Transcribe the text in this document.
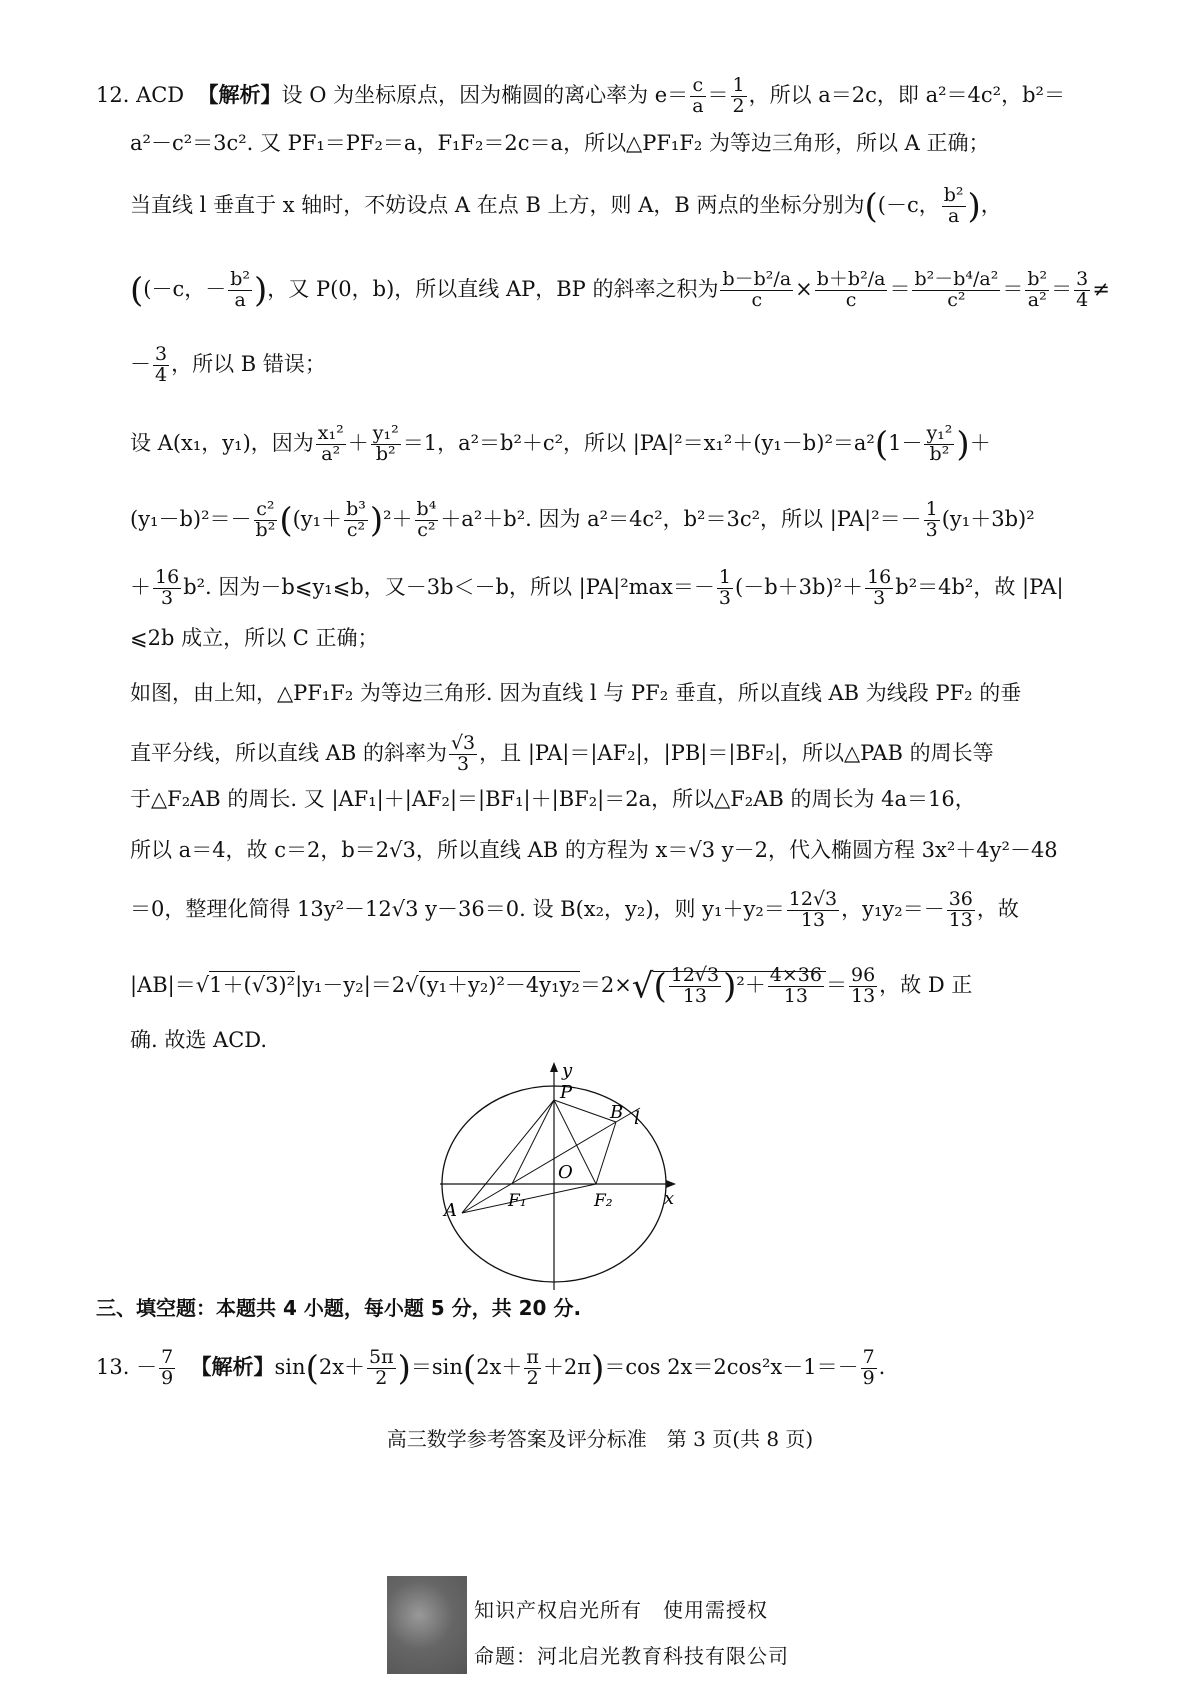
12. ACD 【解析】设 O 为坐标原点，因为椭圆的离心率为 $e= \frac{c}{a} = \frac{1}{2}$ ，所以 a＝2c，即 a²＝4c²，b²＝
a²－c²＝3c². 又 PF₁＝PF₂＝a，F₁F₂＝2c＝a，所以△PF₁F₂ 为等边三角形，所以 A 正确；
当直线 l 垂直于 x 轴时，不妨设点 A 在点 B 上方，则 A，B 两点的坐标分别为((－c， $\frac{\text{b²}}{a}$ )，
((－c，－ $\frac{\text{b²}}{a}$ )，又 P(0，b)，所以直线 AP，BP 的斜率之积为 $\frac{\text{b－b²/a}}{c} \times \frac{\text{b＋b²/a}}{c} = \frac{\text{b²－b⁴/a²}}{\text{c²}} = \frac{\text{b²}}{\text{a²}} = \frac{3}{4}$ ≠
－ $\frac{3}{4}$ ，所以 B 错误；
设 A(x₁，y₁)，因为 $\frac{\text{x₁²}}{\text{a²}} + \frac{\text{y₁²}}{\text{b²}} =1$，a²＝b²＋c²，所以 $|PA|^2=x_1^2+(y_1-b)^2=a^2(1- \frac{\text{y₁²}}{\text{b²}}$ )＋
$(y_1-b)^2=- \frac{\text{c²}}{\text{b²}} ((y_1+ \frac{\text{b³}}{\text{c²}} )^2+ \frac{\text{b⁴}}{\text{c²}} +a^2+b^2$. 因为 a²＝4c²，b²＝3c²，所以 $|PA|^2=- \frac{1}{3} (y_1+3b)^2$
＋ $\frac{16}{3} b^2$. 因为－b⩽y₁⩽b，又－3b＜－b，所以 $|PA|^2\max=- \frac{1}{3} (-b+3b)^2+ \frac{16}{3} b^2=4b^2$，故 |PA|
⩽2b 成立，所以 C 正确；
如图，由上知，△PF₁F₂ 为等边三角形. 因为直线 l 与 PF₂ 垂直，所以直线 AB 为线段 PF₂ 的垂
直平分线，所以直线 AB 的斜率为 $\frac{√3}{3}$ ，且 |PA|＝|AF₂|，|PB|＝|BF₂|，所以△PAB 的周长等
于△F₂AB 的周长. 又 |AF₁|＋|AF₂|＝|BF₁|＋|BF₂|＝2a，所以△F₂AB 的周长为 4a＝16，
所以 a＝4，故 c＝2，b＝2√3，所以直线 AB 的方程为 x＝√3 y－2，代入椭圆方程 3x²＋4y²－48
＝0，整理化简得 13y²－12√3 y－36＝0. 设 B(x₂，y₂)，则 $y_1+y_2= \frac{12√3}{13}$ ，$y_1y_2=- \frac{36}{13}$ ，故
$|AB|=√1+(√3)^2|y_1-y_2|=2√(y_1+y_2)^2-4y_1y_2=2\times√( \frac{12√3}{13} )^2+ \frac{4\times 36}{13} = \frac{96}{13}$ ，故 D 正
确. 故选 ACD.
y
P
B l
O
x
A	F₁	F₂
三、填空题：本题共 4 小题，每小题 5 分，共 20 分.
13. － $\frac{7}{9}$ 【解析】$\sin(2x+ \frac{5\pi}{2} )=\sin(2x+ \frac{\pi}{2} +2\pi)=\cos$ $2x=2\cos^2x-1=- \frac{7}{9}$ .
高三数学参考答案及评分标准　第 3 页(共 8 页)
知识产权启光所有　使用需授权
命题：河北启光教育科技有限公司
